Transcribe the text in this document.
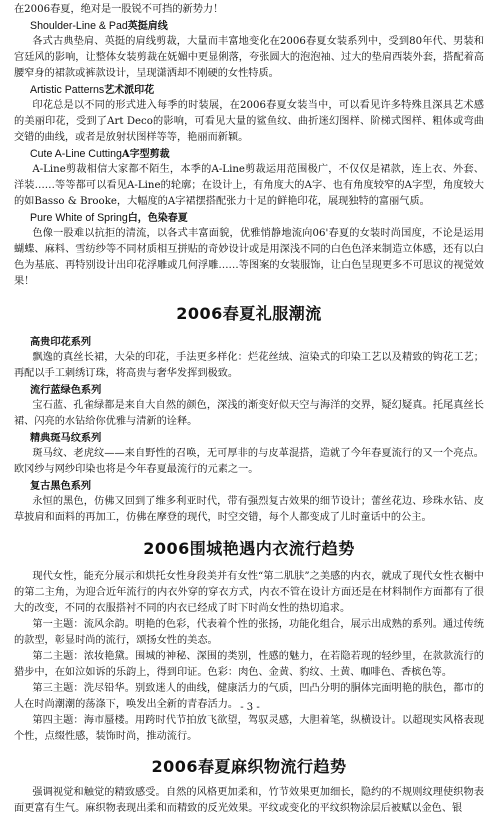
在2006春夏，绝对是一股锐不可挡的新势力！

Shoulder-Line & Pad英挺肩线

各式古典垫肩、英挺的肩线剪裁，大量而丰富地变化在2006春夏女装系列中，受到80年代、男装和宫廷风的影响，让整体女装剪裁在妩媚中更显俐落，夸张圆大的泡泡袖、过大的垫肩西装外套，搭配着高腰窄身的裙款或裤款设计，呈现潇洒却不刚硬的女性特质。

Artistic Patterns艺术派印花

印花总是以不同的形式进入每季的时装展，在2006春夏女装当中，可以看见许多特殊且深具艺术感的美丽印花，受到了Art Deco的影响，可看见大量的鲨鱼纹、曲折迷幻图样、阶梯式图样、粗体或弯曲交错的曲线，或者是放射状图样等等，艳丽而新颖。

Cute A-Line CuttingA字型剪裁

A-Line剪裁相信大家都不陌生，本季的A-Line剪裁运用范围极广，不仅仅是裙款，连上衣、外套、洋装……等等都可以看见A-Line的轮廓；在设计上，有角度大的A字、也有角度较窄的A字型，角度较大的如Basso & Brooke，大幅度的A字裙摆搭配张力十足的鲜艳印花，展现独特的富丽气质。

Pure White of Spring白，色染春夏

色像一股难以抗拒的清流，以各式丰富面貌，优雅悄静地流向06'春夏的女装时尚国度，不论是运用蝴蝶、麻料、雪纺纱等不同材质相互拼贴的奇妙设计或是用深浅不同的白色色泽来制造立体感，还有以白色为基底、再特别设计出印花浮雕或几何浮雕……等图案的女装服饰，让白色呈现更多不可思议的视觉效果！

2006春夏礼服潮流
高贵印花系列

飘逸的真丝长裙，大朵的印花，手法更多样化：烂花丝绒、渲染式的印染工艺以及精致的钩花工艺；再配以手工刺绣订珠，将高贵与奢华发挥到极致。

流行蓝绿色系列

宝石蓝、孔雀绿都是来自大自然的颜色，深浅的渐变好似天空与海洋的交界，疑幻疑真。托尾真丝长裙、闪亮的水钻给你优雅与清新的诠释。

精典斑马纹系列

斑马纹、老虎纹——来自野性的召唤，无可厚非的与皮革混搭，造就了今年春夏流行的又一个亮点。欧冈纱与网纱印染也将是今年春夏最流行的元素之一。

复古黑色系列

永恒的黑色，仿佛又回到了维多利亚时代，带有强烈复古效果的细节设计；蕾丝花边、珍珠水钻、皮草披肩和面料的再加工，仿佛在摩登的现代，时空交错，每个人都变成了儿时童话中的公主。

2006围城艳遇内衣流行趋势

现代女性，能充分展示和烘托女性身段美并有女性“第二肌肤”之美感的内衣，就成了现代女性衣橱中的第二主角，为迎合近年流行的内衣外穿的穿衣方式，内衣不管在设计方面还是在材料制作方面都有了很大的改变，不同的衣服搭衬不同的内衣已经成了时下时尚女性的热切追求。

第一主题：流风余韵。明艳的色彩，代表着个性的张扬，功能化组合，展示出成熟的系列。通过传统的款型，彰显时尚的流行，颂扬女性的美态。

第二主题：浓妆艳黛。围城的神秘、深围的类别，性感的魅力，在若隐若现的轻纱里，在款款流行的猎步中，在如泣如诉的乐韵上，得到印证。色彩：肉色、金黄、豹纹、土黄、咖啡色、香槟色等。

第三主题：洗尽铅华。别致迷人的曲线，健康活力的气质，凹凸分明的胴体完面明艳的肤色，都市的人在时尚潮潮的荡涤下，唤发出全新的青春活力。

第四主题：海市蜃楼。用跨时代节拍放飞欲望，驾驭灵感，大胆着笔，纵横设计。以超现实风格表现个性，点缀性感，装饰时尚，推动流行。

2006春夏麻织物流行趋势

强调视觉和触觉的精致感受。自然的风格更加柔和，竹节效果更加细长，隐约的不规则纹理使织物表面更富有生气。麻织物表现出柔和而精致的反光效果。平纹或变化的平纹织物涂层后被赋以金色、银

- 3 -
